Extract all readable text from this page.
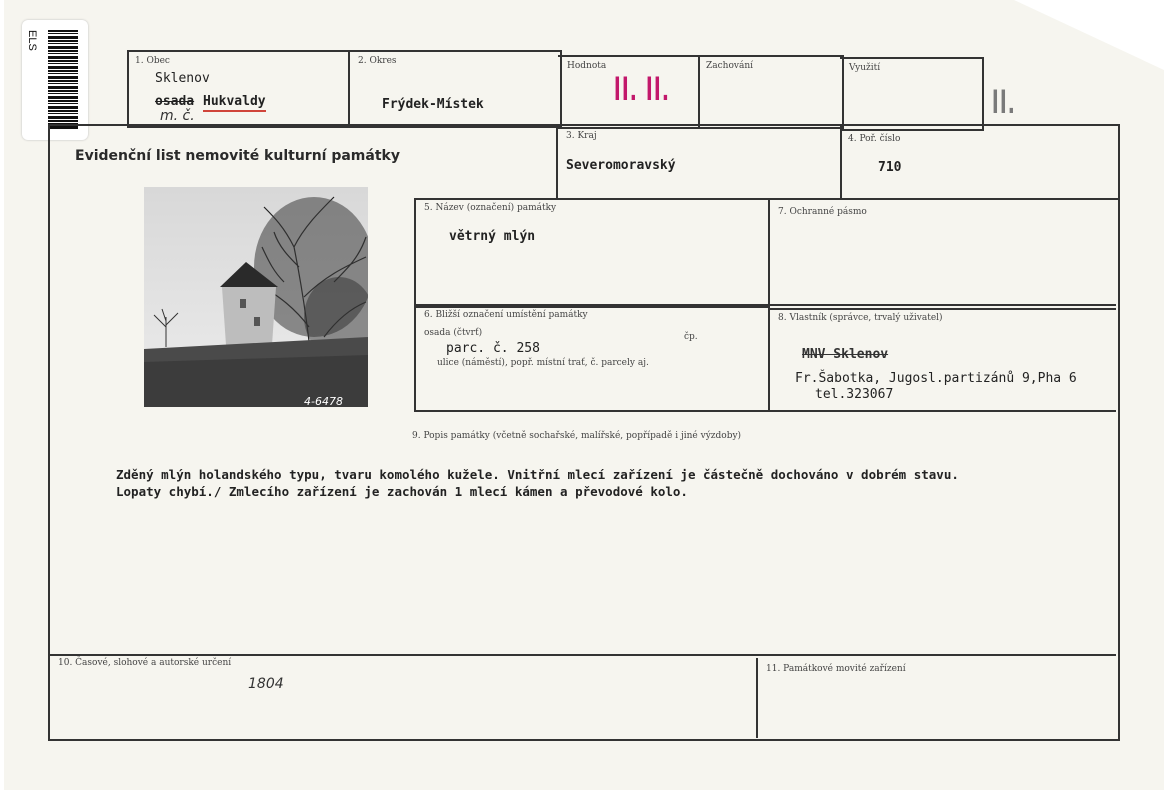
ELS
1. Obec
Sklenov
osada Hukvaldy
m. č.
2. Okres
Frýdek-Místek
Hodnota
II. II.
Zachování	Využití
II.
Evidenční list nemovité kulturní památky
3. Kraj
Severomoravský
4. Poř. číslo
710
4-6478
5. Název (označení) památky
větrný mlýn
7. Ochranné pásmo
6. Bližší označení umístění památky
osada (čtvrť)	čp.
parc. č. 258
ulice (náměstí), popř. místní trať, č. parcely aj.
8. Vlastník (správce, trvalý uživatel)
MNV Sklenov
Fr.Šabotka, Jugosl.partizánů 9,Pha 6
tel.323067
9. Popis památky (včetně sochařské, malířské, popřípadě i jiné výzdoby)
Zděný mlýn holandského typu, tvaru komolého kužele. Vnitřní mlecí zařízení je částečně dochováno v dobrém stavu.
Lopaty chybí./ Zmlecího zařízení je zachován 1 mlecí kámen a převodové kolo.
10. Časové, slohové a autorské určení
1804
11. Památkové movité zařízení
